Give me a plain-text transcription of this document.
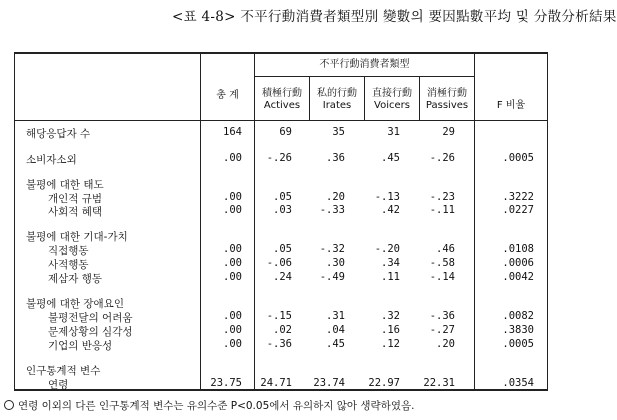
<표 4-8> 不平行動消費者類型別 變數의 要因點數平均 및 分散分析結果
총 계
不平行動消費者類型
F 비율
積極行動
Actives
私的行動
Irates
直接行動
Voicers
消極行動
Passives
해당응답자 수	164	69	35	31	29
소비자소외	.00	-.26	.36	.45	-.26	.0005
불평에 대한 태도
개인적 규범	.00	.05	.20	-.13	-.23	.3222
사회적 혜택	.00	.03	-.33	.42	-.11	.0227
불평에 대한 기대-가치
직접행동	.00	.05	-.32	-.20	.46	.0108
사적행동	.00	-.06	.30	.34	-.58	.0006
제삼자 행동	.00	.24	-.49	.11	-.14	.0042
불평에 대한 장애요인
불평전달의 어려움	.00	-.15	.31	.32	-.36	.0082
문제상황의 심각성	.00	.02	.04	.16	-.27	.3830
기업의 반응성	.00	-.36	.45	.12	.20	.0005
인구통계적 변수
연령	23.75	24.71	23.74	22.97	22.31	.0354
연령 이외의 다른 인구통계적 변수는 유의수준 P<0.05에서 유의하지 않아 생략하였음.
